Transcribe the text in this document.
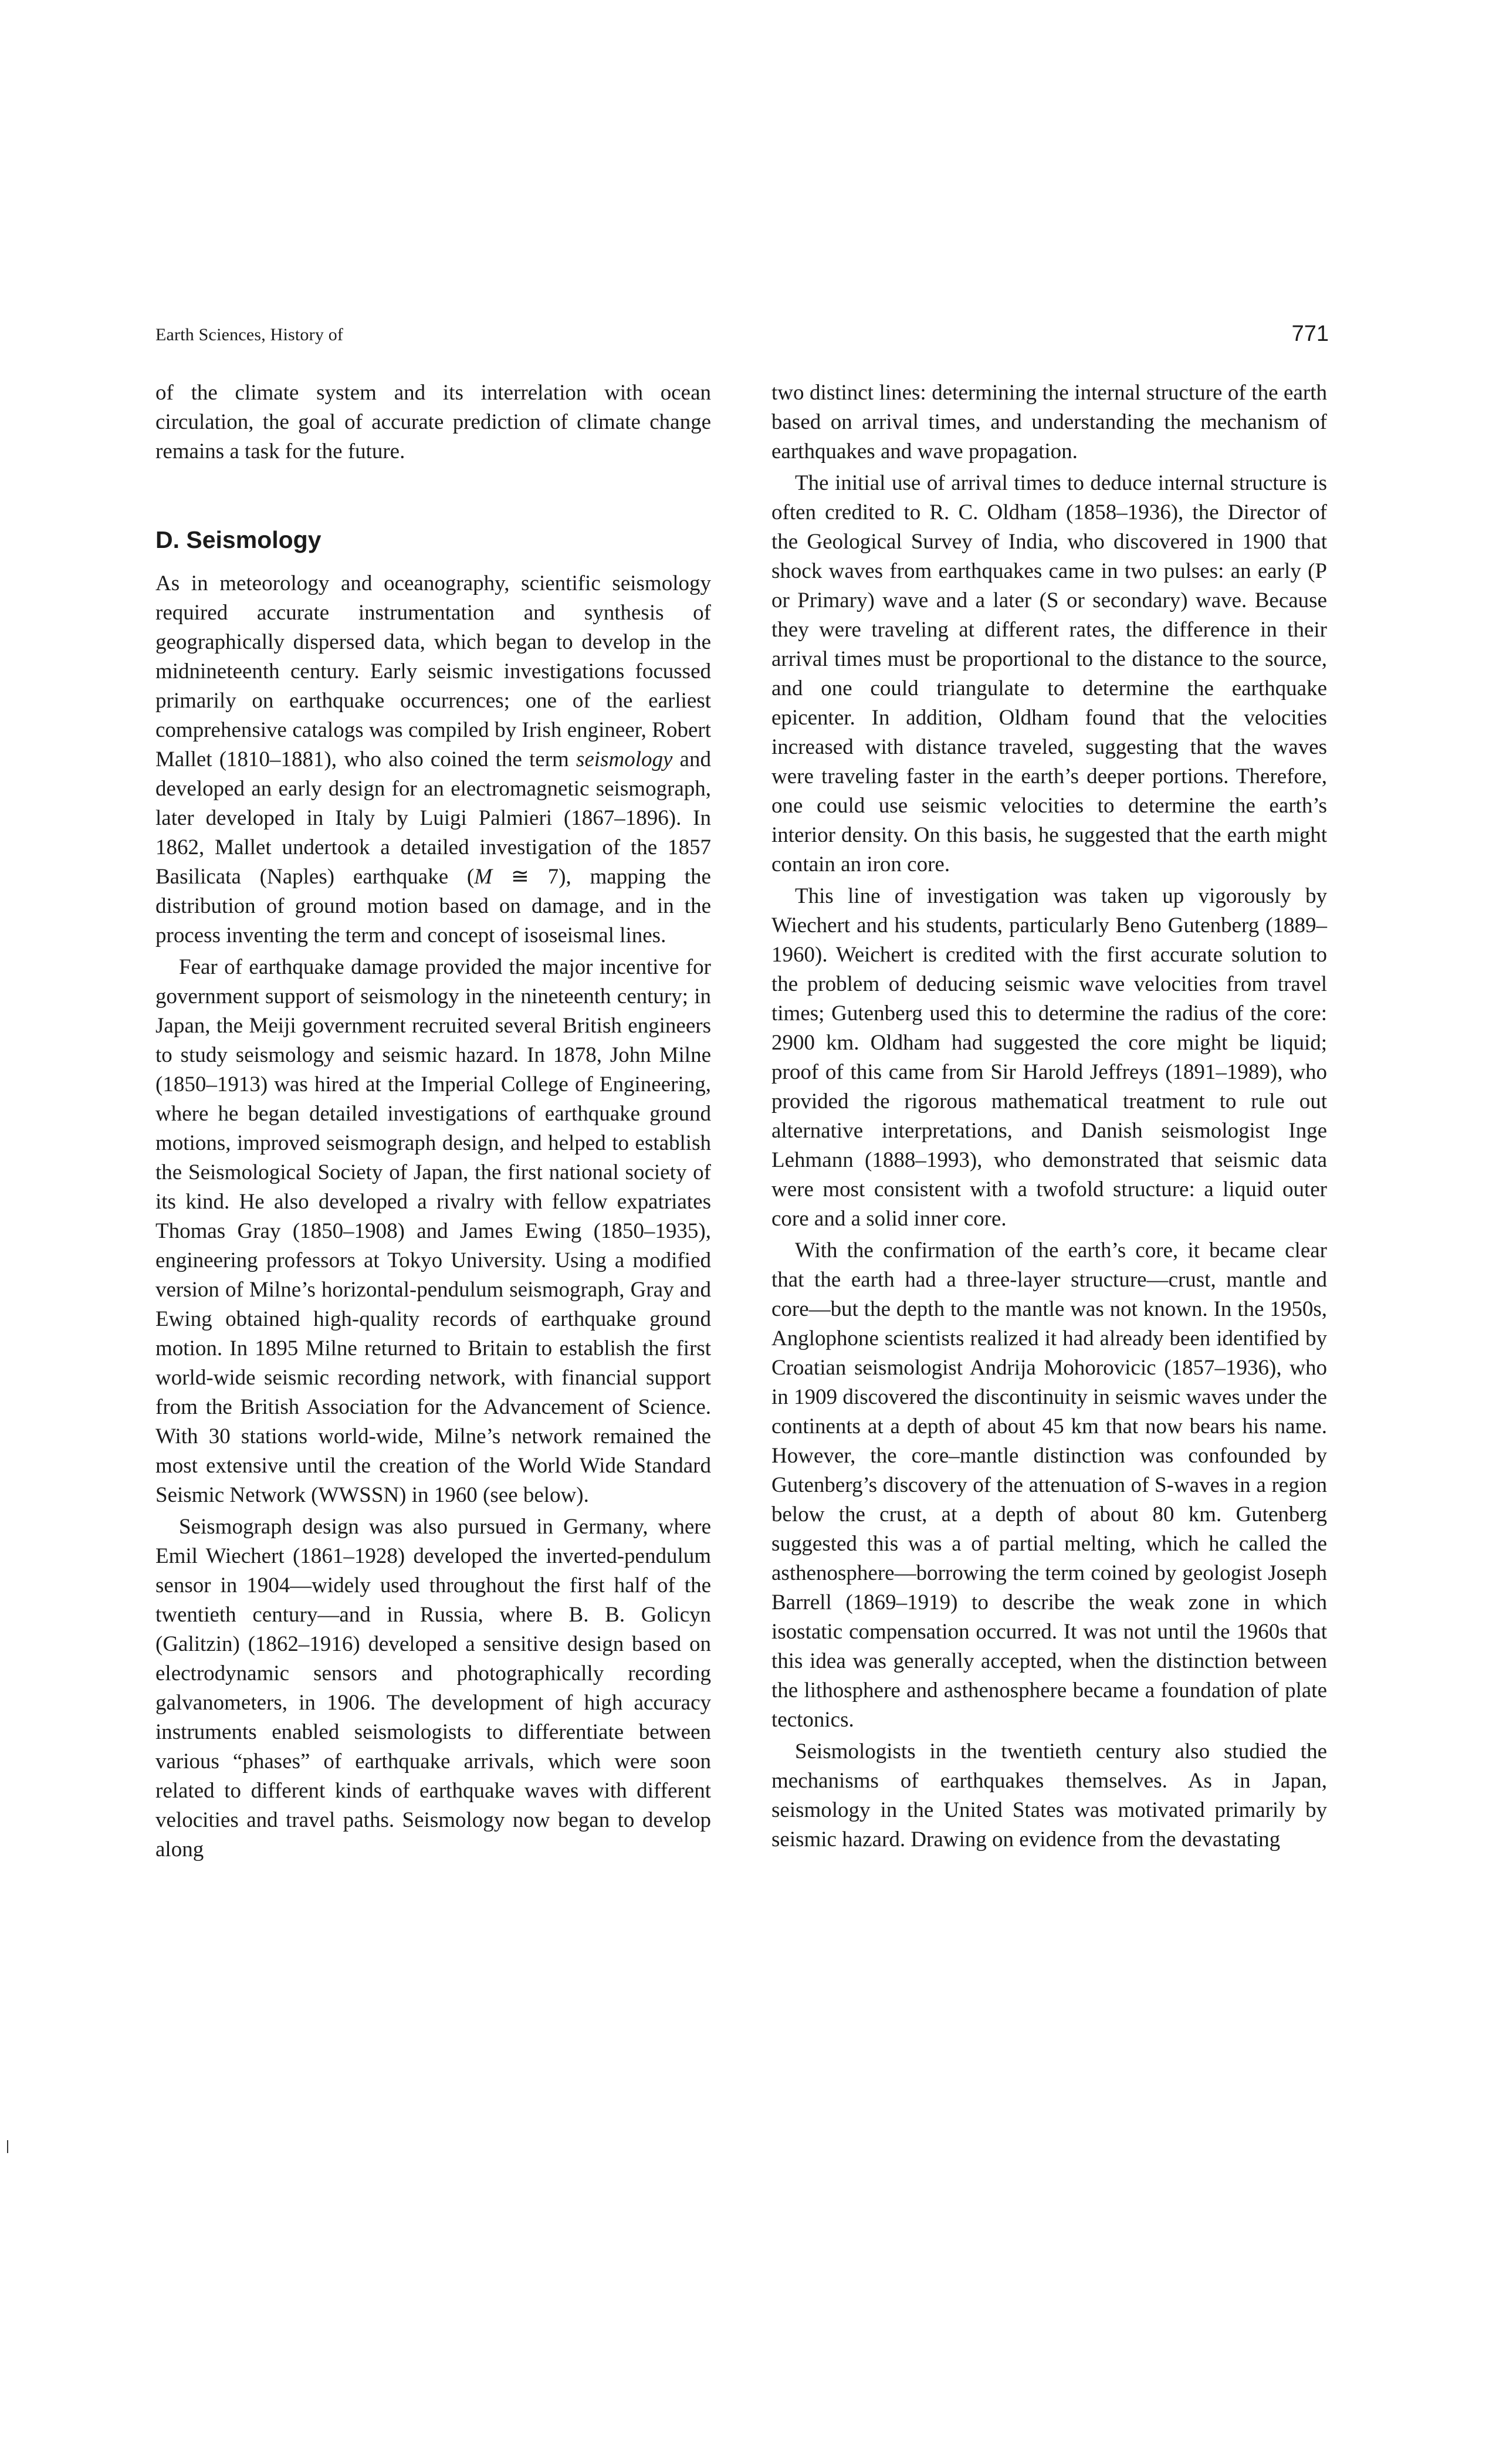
Earth Sciences, History of	771

of the climate system and its interrelation with ocean circulation, the goal of accurate prediction of climate change remains a task for the future.

D. Seismology

As in meteorology and oceanography, scientific seismology required accurate instrumentation and synthesis of geographically dispersed data, which began to develop in the midnineteenth century. Early seismic investigations focussed primarily on earthquake occurrences; one of the earliest comprehensive catalogs was compiled by Irish engineer, Robert Mallet (1810–1881), who also coined the term seismology and developed an early design for an electromagnetic seismograph, later developed in Italy by Luigi Palmieri (1867–1896). In 1862, Mallet undertook a detailed investigation of the 1857 Basilicata (Naples) earthquake (M ≅ 7), mapping the distribution of ground motion based on damage, and in the process inventing the term and concept of isoseismal lines.

Fear of earthquake damage provided the major incentive for government support of seismology in the nineteenth century; in Japan, the Meiji government recruited several British engineers to study seismology and seismic hazard. In 1878, John Milne (1850–1913) was hired at the Imperial College of Engineering, where he began detailed investigations of earthquake ground motions, improved seismograph design, and helped to establish the Seismological Society of Japan, the first national society of its kind. He also developed a rivalry with fellow expatriates Thomas Gray (1850–1908) and James Ewing (1850–1935), engineering professors at Tokyo University. Using a modified version of Milne’s horizontal-pendulum seismograph, Gray and Ewing obtained high-quality records of earthquake ground motion. In 1895 Milne returned to Britain to establish the first world-wide seismic recording network, with financial support from the British Association for the Advancement of Science. With 30 stations world-wide, Milne’s network remained the most extensive until the creation of the World Wide Standard Seismic Network (WWSSN) in 1960 (see below).

Seismograph design was also pursued in Germany, where Emil Wiechert (1861–1928) developed the inverted-pendulum sensor in 1904—widely used throughout the first half of the twentieth century—and in Russia, where B. B. Golicyn (Galitzin) (1862–1916) developed a sensitive design based on electrodynamic sensors and photographically recording galvanometers, in 1906. The development of high accuracy instruments enabled seismologists to differentiate between various “phases” of earthquake arrivals, which were soon related to different kinds of earthquake waves with different velocities and travel paths. Seismology now began to develop along

two distinct lines: determining the internal structure of the earth based on arrival times, and understanding the mechanism of earthquakes and wave propagation.

The initial use of arrival times to deduce internal structure is often credited to R. C. Oldham (1858–1936), the Director of the Geological Survey of India, who discovered in 1900 that shock waves from earthquakes came in two pulses: an early (P or Primary) wave and a later (S or secondary) wave. Because they were traveling at different rates, the difference in their arrival times must be proportional to the distance to the source, and one could triangulate to determine the earthquake epicenter. In addition, Oldham found that the velocities increased with distance traveled, suggesting that the waves were traveling faster in the earth’s deeper portions. Therefore, one could use seismic velocities to determine the earth’s interior density. On this basis, he suggested that the earth might contain an iron core.

This line of investigation was taken up vigorously by Wiechert and his students, particularly Beno Gutenberg (1889–1960). Weichert is credited with the first accurate solution to the problem of deducing seismic wave velocities from travel times; Gutenberg used this to determine the radius of the core: 2900 km. Oldham had suggested the core might be liquid; proof of this came from Sir Harold Jeffreys (1891–1989), who provided the rigorous mathematical treatment to rule out alternative interpretations, and Danish seismologist Inge Lehmann (1888–1993), who demonstrated that seismic data were most consistent with a twofold structure: a liquid outer core and a solid inner core.

With the confirmation of the earth’s core, it became clear that the earth had a three-layer structure—crust, mantle and core—but the depth to the mantle was not known. In the 1950s, Anglophone scientists realized it had already been identified by Croatian seismologist Andrija Mohorovicic (1857–1936), who in 1909 discovered the discontinuity in seismic waves under the continents at a depth of about 45 km that now bears his name. However, the core–mantle distinction was confounded by Gutenberg’s discovery of the attenuation of S-waves in a region below the crust, at a depth of about 80 km. Gutenberg suggested this was a of partial melting, which he called the asthenosphere—borrowing the term coined by geologist Joseph Barrell (1869–1919) to describe the weak zone in which isostatic compensation occurred. It was not until the 1960s that this idea was generally accepted, when the distinction between the lithosphere and asthenosphere became a foundation of plate tectonics.

Seismologists in the twentieth century also studied the mechanisms of earthquakes themselves. As in Japan, seismology in the United States was motivated primarily by seismic hazard. Drawing on evidence from the devastating
